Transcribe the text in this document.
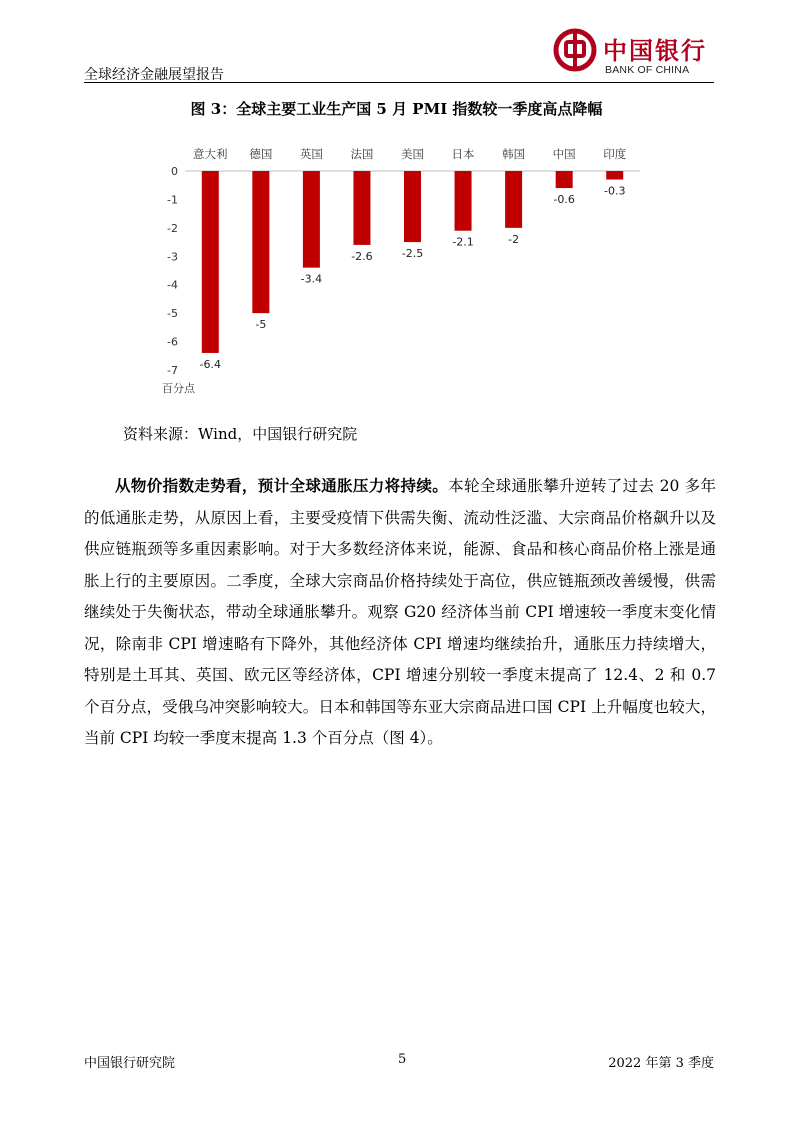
全球经济金融展望报告
中国银行
BANK OF CHINA
图 3：全球主要工业生产国 5 月 PMI 指数较一季度高点降幅
0
-1
-2
-3
-4
-5
-6
-7
百分点
意大利 德国 英国 法国 美国 日本 韩国 中国 印度
-6.4
-5
-3.4
-2.6	-2.5
-2.1	-2
-0.6
-0.3
资料来源：Wind，中国银行研究院

从物价指数走势看，预计全球通胀压力将持续。本轮全球通胀攀升逆转了过去 20 多年的低通胀走势，从原因上看，主要受疫情下供需失衡、流动性泛滥、大宗商品价格飙升以及供应链瓶颈等多重因素影响。对于大多数经济体来说，能源、食品和核心商品价格上涨是通胀上行的主要原因。二季度，全球大宗商品价格持续处于高位，供应链瓶颈改善缓慢，供需继续处于失衡状态，带动全球通胀攀升。观察 G20 经济体当前 CPI 增速较一季度末变化情况，除南非 CPI 增速略有下降外，其他经济体 CPI 增速均继续抬升，通胀压力持续增大，特别是土耳其、英国、欧元区等经济体，CPI 增速分别较一季度末提高了 12.4、2 和 0.7 个百分点，受俄乌冲突影响较大。日本和韩国等东亚大宗商品进口国 CPI 上升幅度也较大，当前 CPI 均较一季度末提高 1.3 个百分点（图 4）。

中国银行研究院	5	2022 年第 3 季度
